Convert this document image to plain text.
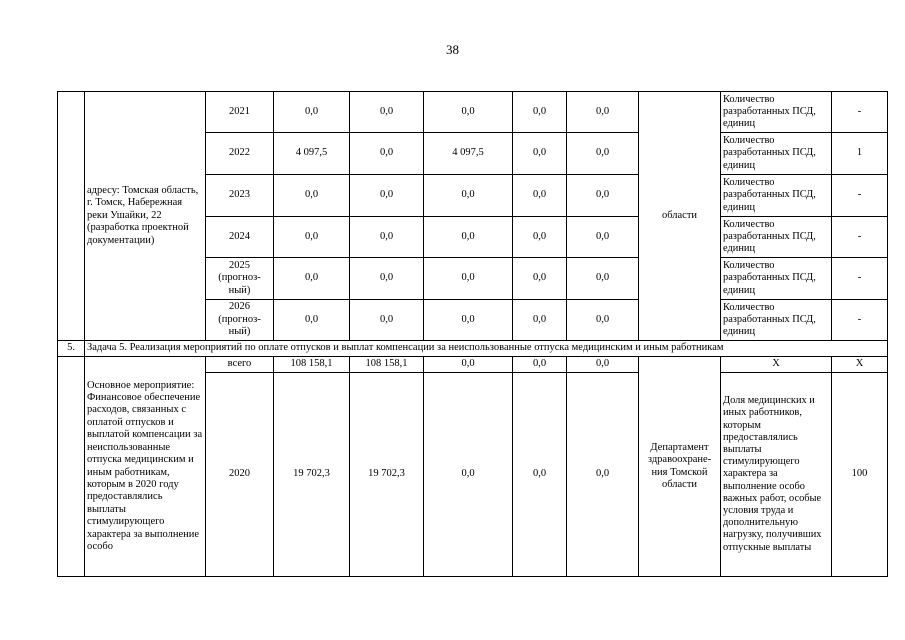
38
	адресу: Томская область, г. Томск, Набережная реки Ушайки, 22 (разработка проектной документации)	2021	0,0	0,0	0,0	0,0	0,0	области	Количество разработанных ПСД, единиц	-
		2022	4 097,5	0,0	4 097,5	0,0	0,0		Количество разработанных ПСД, единиц	1
		2023	0,0	0,0	0,0	0,0	0,0		Количество разработанных ПСД, единиц	-
		2024	0,0	0,0	0,0	0,0	0,0		Количество разработанных ПСД, единиц	-
		2025 (прогноз-ный)	0,0	0,0	0,0	0,0	0,0		Количество разработанных ПСД, единиц	-
		2026 (прогноз-ный)	0,0	0,0	0,0	0,0	0,0		Количество разработанных ПСД, единиц	-
5.	Задача 5. Реализация мероприятий по оплате отпусков и выплат компенсации за неиспользованные отпуска медицинским и иным работникам									
	Основное мероприятие: Финансовое обеспечение расходов, связанных с оплатой отпусков и выплатой компенсации за неиспользованные отпуска медицинским и иным работникам, которым в 2020 году предоставлялись выплаты стимулирующего характера за выполнение особо	всего	108 158,1	108 158,1	0,0	0,0	0,0	Департамент здравоохране-ния Томской области	X	X
		2020	19 702,3	19 702,3	0,0	0,0	0,0		Доля медицинских и иных работников, которым предоставлялись выплаты стимулирующего характера за выполнение особо важных работ, особые условия труда и дополнительную нагрузку, получивших отпускные выплаты	100
